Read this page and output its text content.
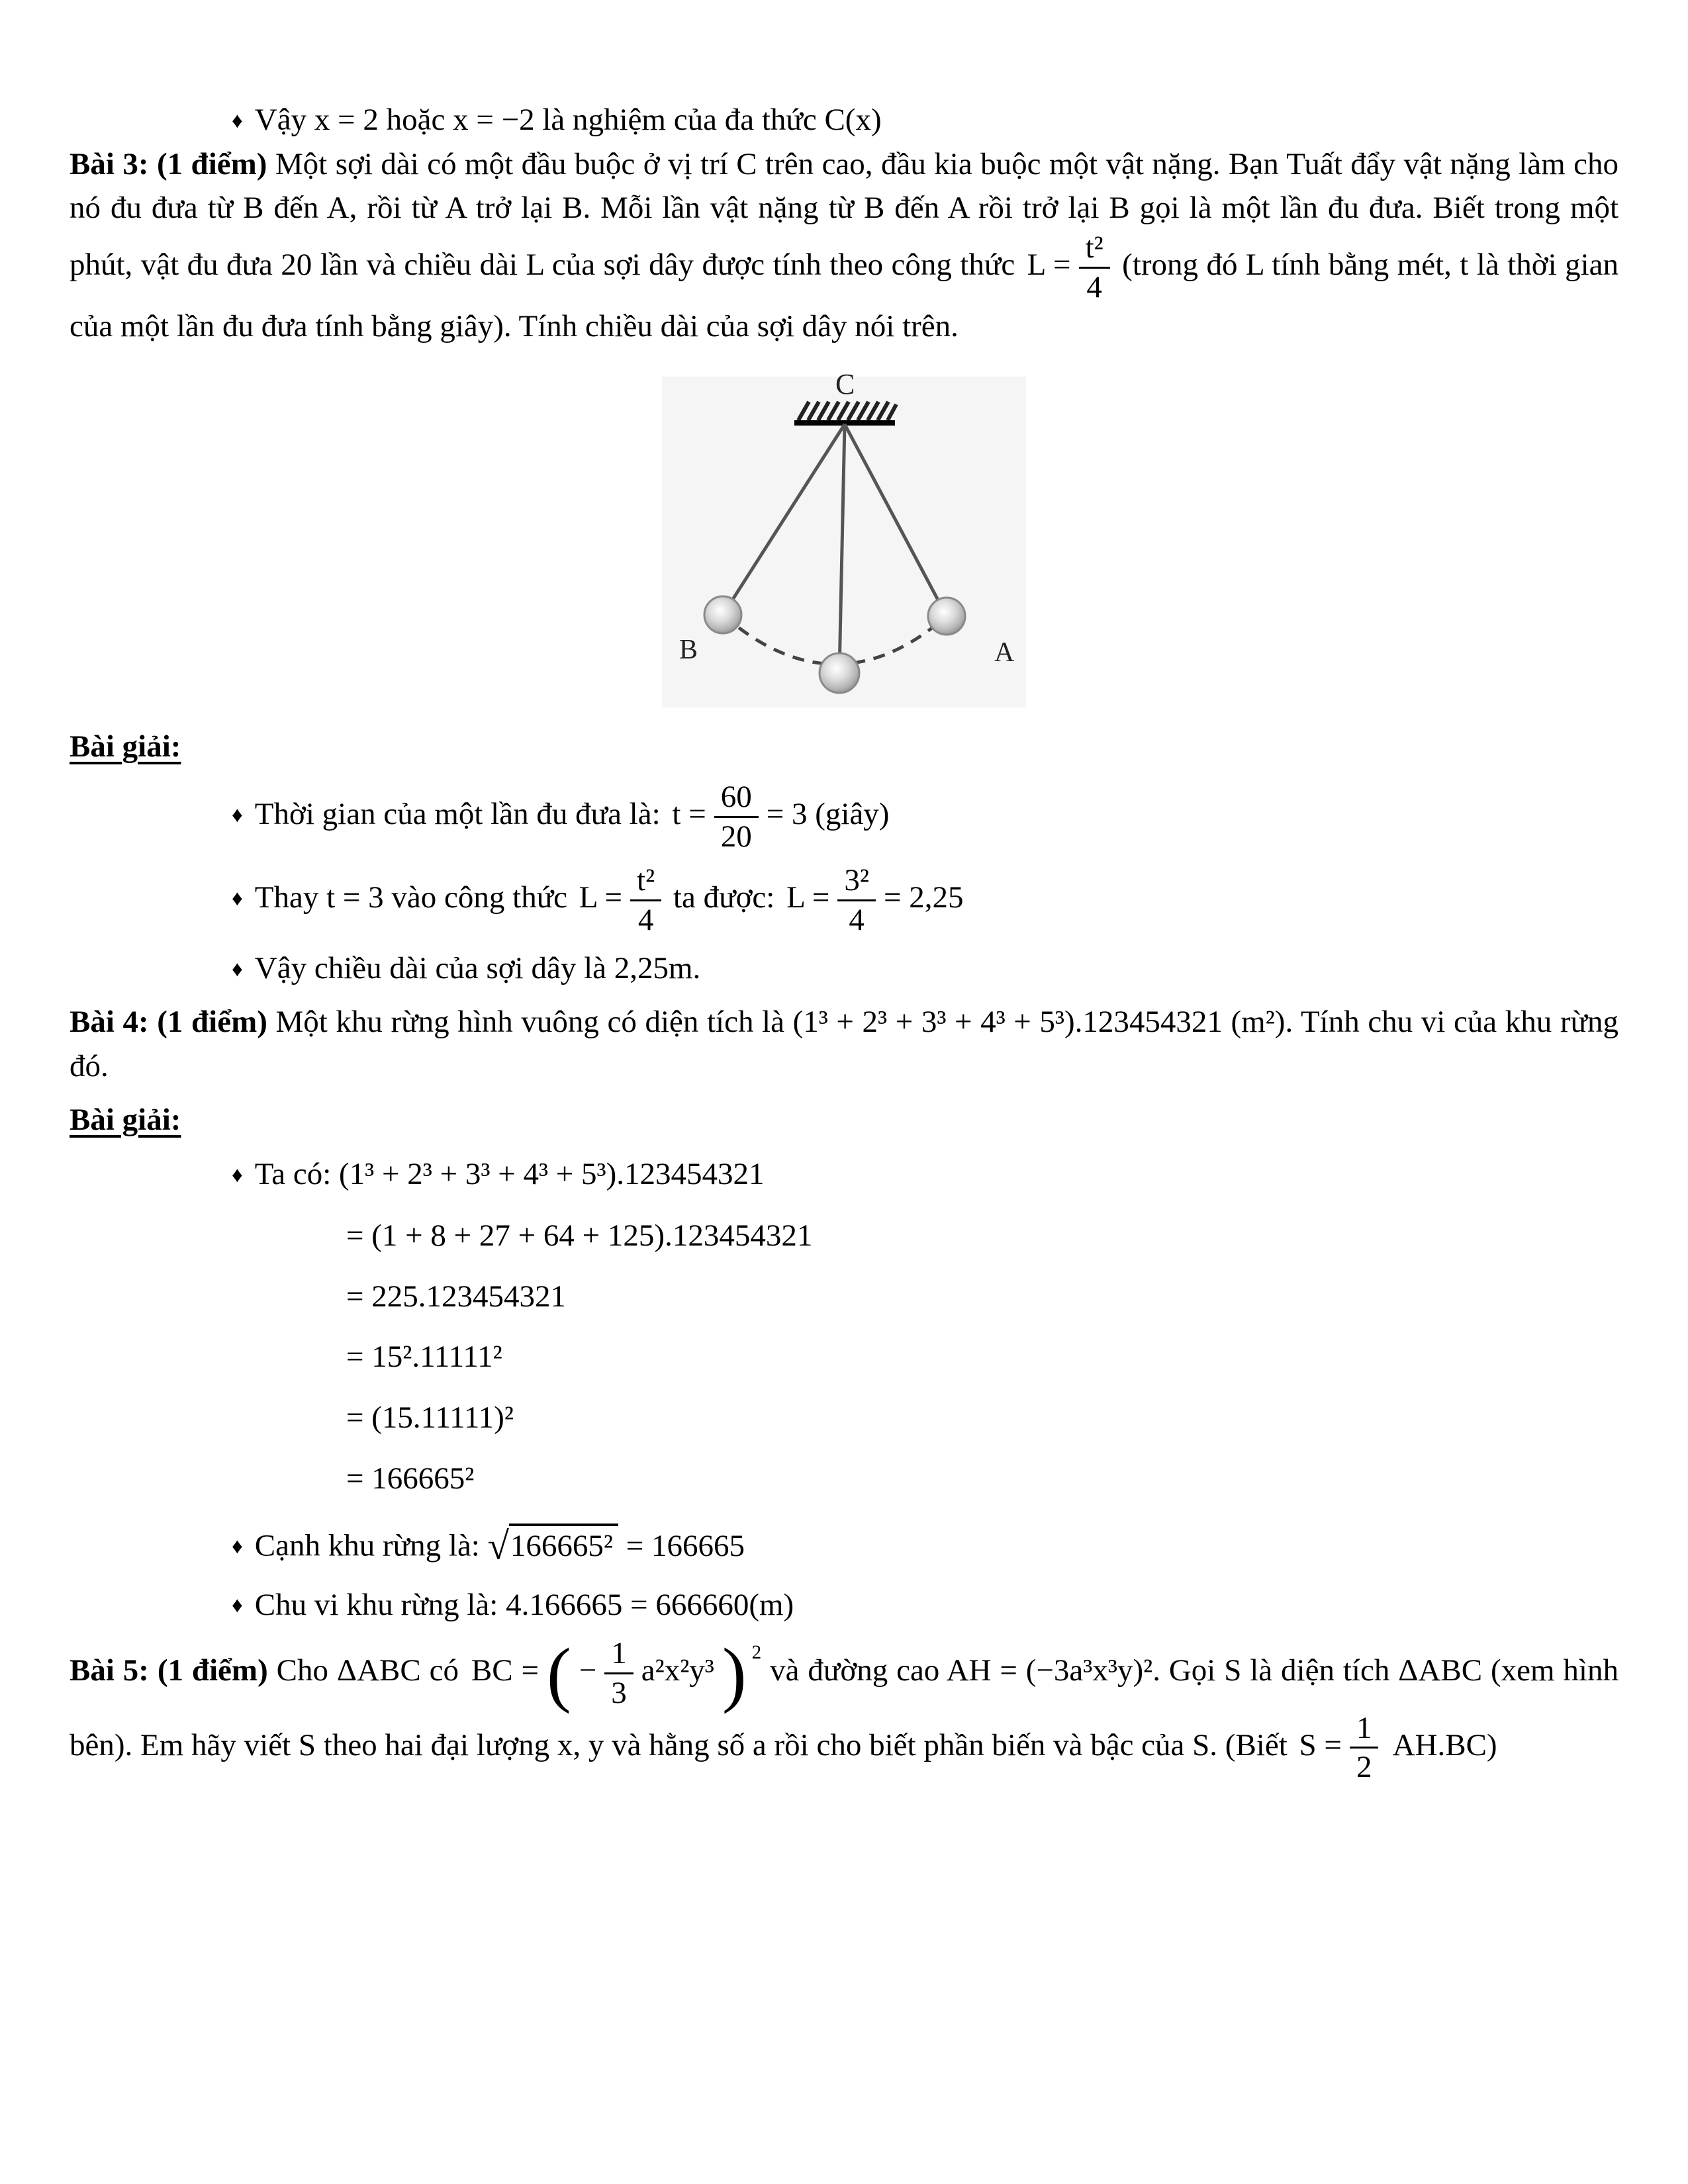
♦ Vậy x = 2 hoặc x = −2 là nghiệm của đa thức C(x)

Bài 3: (1 điểm) Một sợi dài có một đầu buộc ở vị trí C trên cao, đầu kia buộc một vật nặng. Bạn Tuất đẩy vật nặng làm cho nó đu đưa từ B đến A, rồi từ A trở lại B. Mỗi lần vật nặng từ B đến A rồi trở lại B gọi là một lần đu đưa. Biết trong một phút, vật đu đưa 20 lần và chiều dài L của sợi dây được tính theo công thức $L = \frac{\text{t²}}{4}$ (trong đó L tính bằng mét, t là thời gian của một lần đu đưa tính bằng giây). Tính chiều dài của sợi dây nói trên.

C
B	A

Bài giải:

♦ Thời gian của một lần đu đưa là: $t = \frac{60}{20} = 3$ (giây)
♦ Thay t = 3 vào công thức $L = \frac{\text{t²}}{4}$ ta được: $L = \frac{\text{3²}}{4} = 2,25$
♦ Vậy chiều dài của sợi dây là 2,25m.

Bài 4: (1 điểm) Một khu rừng hình vuông có diện tích là (1³ + 2³ + 3³ + 4³ + 5³).123454321 (m²). Tính chu vi của khu rừng đó.

Bài giải:

♦ Ta có: (1³ + 2³ + 3³ + 4³ + 5³).123454321
= (1 + 8 + 27 + 64 + 125).123454321
= 225.123454321
= 15².11111²
= (15.11111)²
= 166665²
♦ Cạnh khu rừng là: √166665² = 166665
♦ Chu vi khu rừng là: 4.166665 = 666660(m)

Bài 5: (1 điểm) Cho ΔABC có BC = ( − $\frac{1}{3} a^2x^2y^3$ ) $^2$ và đường cao AH = (−3a³x³y)². Gọi S là diện tích ΔABC (xem hình bên). Em hãy viết S theo hai đại lượng x, y và hằng số a rồi cho biết phần biến và bậc của S. (Biết $S = \frac{1}{2} AH.BC$)
